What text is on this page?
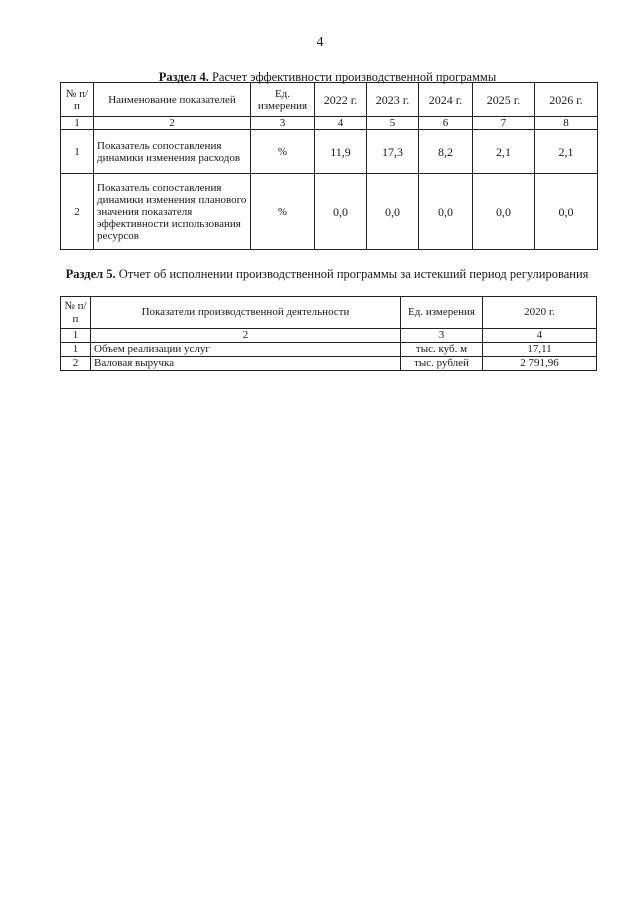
4
Раздел 4. Расчет эффективности производственной программы
№ п/п	Наименование показателей	Ед. измерения	2022 г.	2023 г.	2024 г.	2025 г.	2026 г.
1	2	3	4	5	6	7	8
1	Показатель сопоставления динамики изменения расходов	%	11,9	17,3	8,2	2,1	2,1
2	Показатель сопоставления динамики изменения планового значения показателя эффективности использования ресурсов	%	0,0	0,0	0,0	0,0	0,0
Раздел 5. Отчет об исполнении производственной программы за истекший период регулирования
№ п/п	Показатели производственной деятельности	Ед. измерения	2020 г.
1	2	3	4
1	Объем реализации услуг	тыс. куб. м	17,11
2	Валовая выручка	тыс. рублей	2 791,96
